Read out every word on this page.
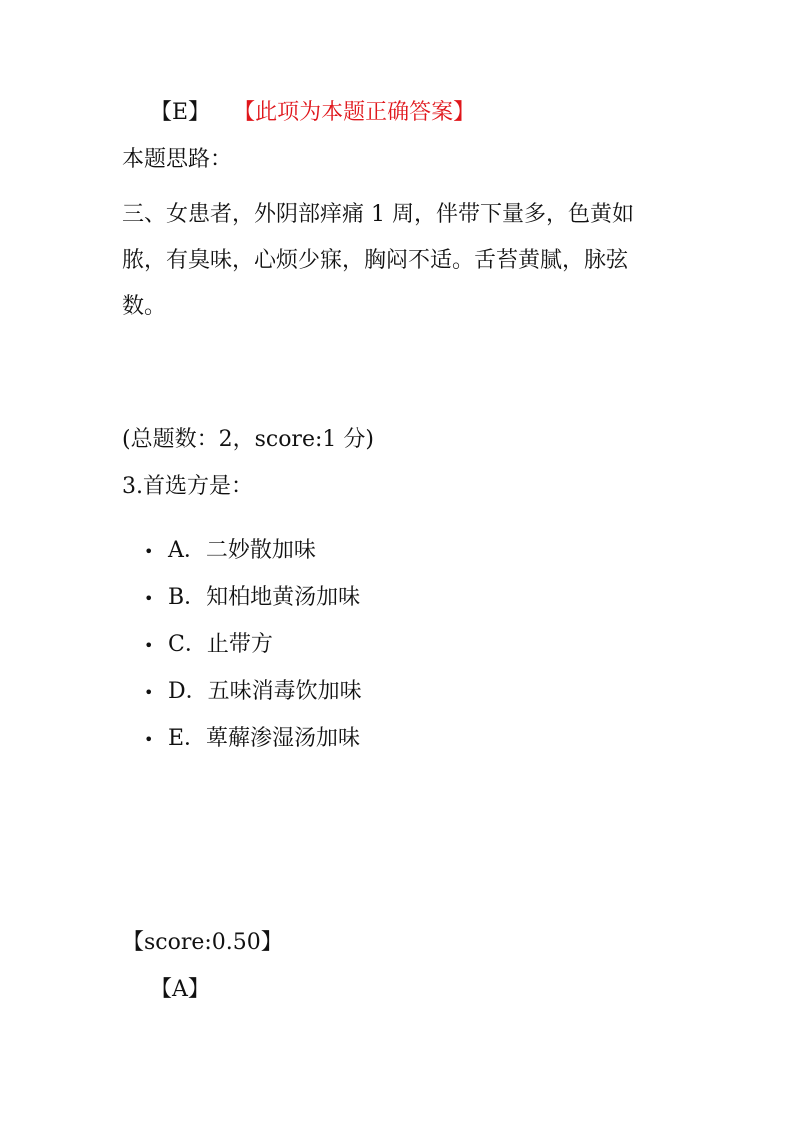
【E】 【此项为本题正确答案】
本题思路：
三、女患者，外阴部痒痛 1 周，伴带下量多，色黄如
脓，有臭味，心烦少寐，胸闷不适。舌苔黄腻，脉弦
数。
(总题数：2，score:1 分)
3.首选方是：
• A．二妙散加味
• B．知柏地黄汤加味
• C．止带方
• D．五味消毒饮加味
• E．萆薢渗湿汤加味
【score:0.50】
【A】
